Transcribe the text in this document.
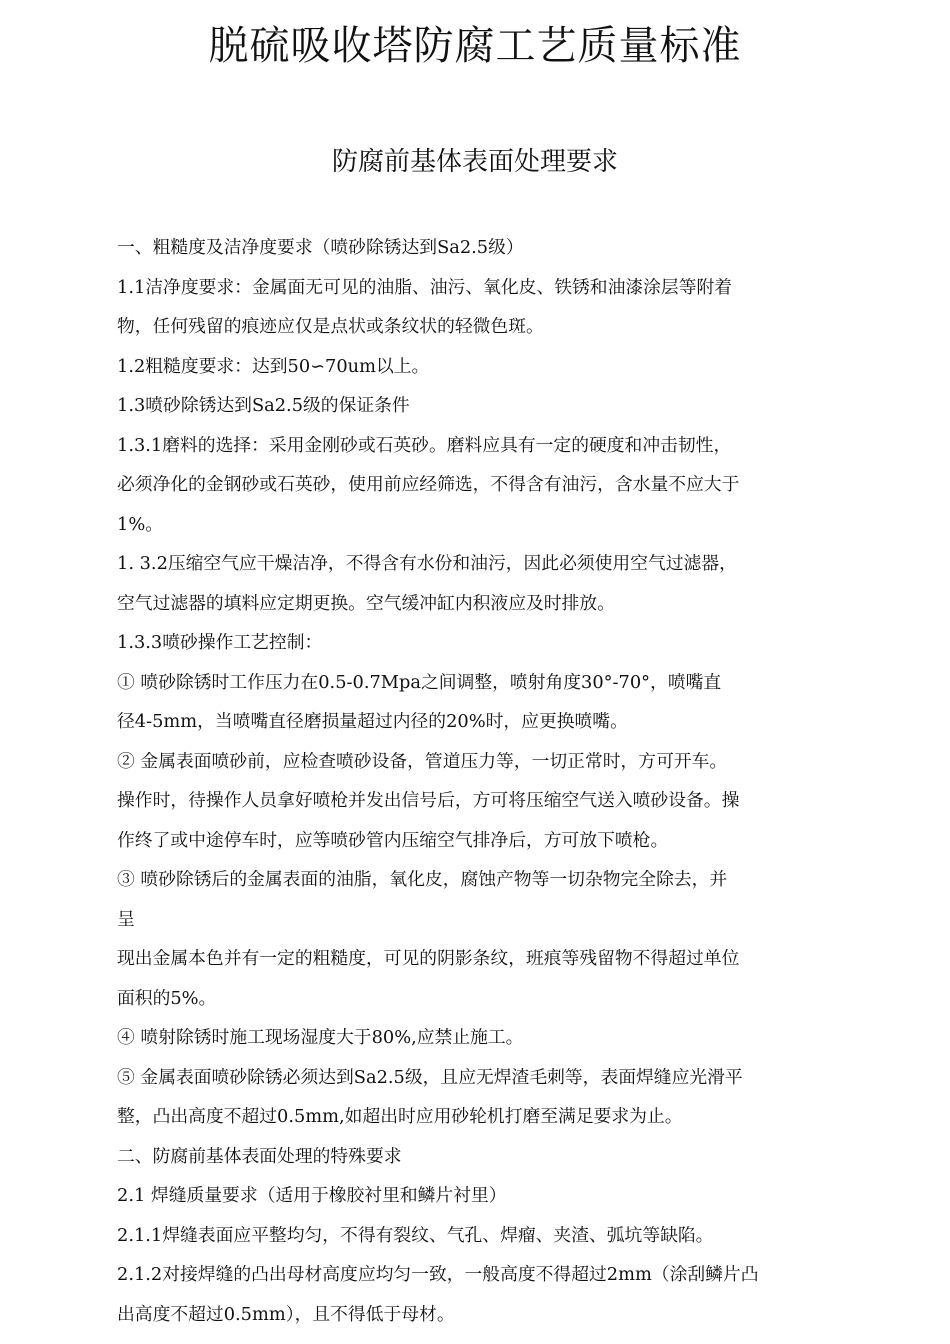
脱硫吸收塔防腐工艺质量标准
防腐前基体表面处理要求

一、粗糙度及洁净度要求（喷砂除锈达到Sa2.5级）

1.1洁净度要求：金属面无可见的油脂、油污、氧化皮、铁锈和油漆涂层等附着

物，任何残留的痕迹应仅是点状或条纹状的轻微色斑。

1.2粗糙度要求：达到50∽70um以上。

1.3喷砂除锈达到Sa2.5级的保证条件

1.3.1磨料的选择：采用金刚砂或石英砂。磨料应具有一定的硬度和冲击韧性，

必须净化的金钢砂或石英砂，使用前应经筛选，不得含有油污，含水量不应大于

1%。

1. 3.2压缩空气应干燥洁净，不得含有水份和油污，因此必须使用空气过滤器，

空气过滤器的填料应定期更换。空气缓冲缸内积液应及时排放。

1.3.3喷砂操作工艺控制：

① 喷砂除锈时工作压力在0.5-0.7Mpa之间调整，喷射角度30°-70°，喷嘴直

径4-5mm，当喷嘴直径磨损量超过内径的20%时，应更换喷嘴。

② 金属表面喷砂前，应检查喷砂设备，管道压力等，一切正常时，方可开车。

操作时，待操作人员拿好喷枪并发出信号后，方可将压缩空气送入喷砂设备。操

作终了或中途停车时，应等喷砂管内压缩空气排净后，方可放下喷枪。

③ 喷砂除锈后的金属表面的油脂，氧化皮，腐蚀产物等一切杂物完全除去，并

呈

现出金属本色并有一定的粗糙度，可见的阴影条纹，班痕等残留物不得超过单位

面积的5%。

④ 喷射除锈时施工现场湿度大于80%,应禁止施工。

⑤ 金属表面喷砂除锈必须达到Sa2.5级，且应无焊渣毛刺等，表面焊缝应光滑平

整，凸出高度不超过0.5mm,如超出时应用砂轮机打磨至满足要求为止。

二、防腐前基体表面处理的特殊要求

2.1 焊缝质量要求（适用于橡胶衬里和鳞片衬里）

2.1.1焊缝表面应平整均匀，不得有裂纹、气孔、焊瘤、夹渣、弧坑等缺陷。

2.1.2对接焊缝的凸出母材高度应均匀一致，一般高度不得超过2mm（涂刮鳞片凸

出高度不超过0.5mm），且不得低于母材。
